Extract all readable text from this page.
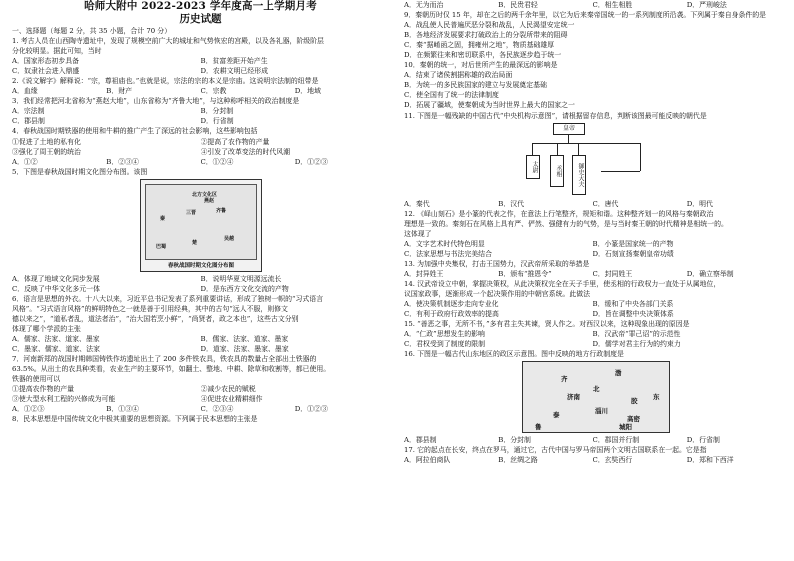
哈师大附中 2022-2023 学年度高一上学期月考
历史试题
一、选择题（每题 2 分，共 35 小题，合计 70 分）
1. 考古人员在山西陶寺遗址中，发现了规模空前广大的城址和气势恢宏的宫殿，以及各礼器，阶级阶层
分化较明显。据此可知，当时
A．国家形态初步具备	B．贫富差距开始产生
C．奴隶社会进入鼎盛	D．农耕文明已经形成
2.《说文解字》解释说：“宗，尊祖庙也。”也就是说，宗法的宗的本义是宗庙。这说明宗法制的纽带是
A．血缘	B．财产	C．宗教	D．地域
3．我们经常把河北省称为“燕赵大地”，山东省称为“齐鲁大地”，与这种称呼相关的政治制度是
A．宗法制	B．分封制
C．郡县制	D．行省制
4．春秋战国时期铁器的使用和牛耕的推广产生了深远的社会影响，这些影响包括
①促进了土地的私有化	②提高了农作物的产量
③强化了周王朝的统治	④引发了改革变法的时代风潮
A．①②	B．②③④	C．①②④	D．①②③
5．下图是春秋战国时期文化图分布图。该图
北方文化区
齐鲁
三晋
秦
巴蜀
楚
吴越
燕赵
春秋战国时期文化图分布图
A．体现了地域文化同步发展	B．说明华夏文明源远流长
C．反映了中华文化多元一体	D．是东西方文化交流的产物
6．语言是思想的外衣。十八大以来，习近平总书记发表了系列重要讲话，形成了独树一帜的“习式语言
风格”。“习式语言风格”的鲜明特色之一就是善于引用经典，其中的古句“远人不服，则修文
德以来之”，“道私者乱，道法者治”，“治大国若烹小鲜”，“尚贤者，政之本也”，这些古文分别
体现了哪个学派的主张
A．儒家、法家、道家、墨家	B．儒家、法家、道家、墨家
C．墨家、儒家、道家、法家	D．道家、法家、墨家、墨家
7．河南新郑的战国时期韩国铸铁作坊遗址出土了 200 多件铁农具，铁农具的数量占全部出土铁器的
63.5%。从出土的农具种类看，农业生产的主要环节，如翻土、整地、中耕、除草和收割等，都已使用。
铁器的使用可以
①提高农作物的产量	②减少农民的赋税
③使大型水利工程的兴修成为可能	④促进农业精耕细作
A．①②③	B．①③④	C．②③④	D．①②③
8．民本思想是中国传统文化中极其重要的思想资源。下列属于民本思想的主张是
A．无为而治	B．民贵君轻	C．相生相胜	D．严刑峻法
9．秦朝历时仅 15 年，却在之后的两千余年里，以它为后来秦帝国统一的一系列制度所沿袭。下列属于秦自身条件的是
A．战乱使人民普遍厌恶分裂和战乱，人民渴望安定统一
B．各地经济发展要求打破政治上的分裂所带来的阻碍
C．秦“据崤函之固，拥雍州之地”，物质基础雄厚
D．在频繁往来和密切联系中，各民族逐步趋于统一
10．秦朝的统一，对后世所产生的最深远的影响是
A．结束了诸侯割据称雄的政治局面
B．为统一的多民族国家的建立与发展奠定基础
C．使全国有了统一的法律制度
D．拓展了疆域，使秦朝成为当时世界上最大的国家之一
11. 下图是一幅残缺的中国古代“中央机构示意图”，请根据留存信息，判断该图最可能反映的朝代是
皇帝
太尉	丞相	御史大夫
A．秦代	B．汉代	C．唐代	D．明代
12. 《峄山刻石》是小篆的代表之作，在意法上行笔整齐，规矩和谐。这种整齐划一的风格与秦朝政治
理想是一致的。秦刻石在风格上具有严、俨然、强健有力的气势，是与当时秦王朝的时代精神是相统一的。
这体现了
A．文字艺术时代特色明显	B．小篆是国家统一的产物
C．法家思想与书法完美结合	D．石刻宣扬秦朝皇帝功绩
13. 为加强中央集权，打击王国势力，汉武帝所采取的举措是
A．封异姓王	B．颁布“推恩令”	C．封同姓王	D．确立察举制
14. 汉武帝设立中朝，掌握决策权，从此决策权完全在天子手里，使丞相的行政权力一直处于从属地位，
议国家政事，逐渐形成一个起决策作用的中朝官系统。此做法
A．使决策机制逐步走向专业化	B．缓和了中央各部门关系
C．有利于政府行政效率的提高	D．旨在调整中央决策体系
15. “善恶之事，无所不书，”多有君主失其谏，贤人作之。对西汉以来，这种现象出现的原因是
A．“仁政”思想发生的影响	B．汉武帝“罪己诏”的示范性
C．君权受到了制度的限制	D．儒学对君主行为的约束力
16. 下图是一幅古代山东地区的政区示意图。图中反映的地方行政制度是
齐
渤
北
淄川
济南	胶 东
高密
城阳
泰
鲁
A．郡县制	B．分封制	C．郡国并行制	D．行省制
17. 它的起点在长安，终点在罗马，通过它，古代中国与罗马帝国两个文明古国联系在一起。它是指
A．阿拉伯商队	B．丝绸之路	C．玄奘西行	D．郑和下西洋
